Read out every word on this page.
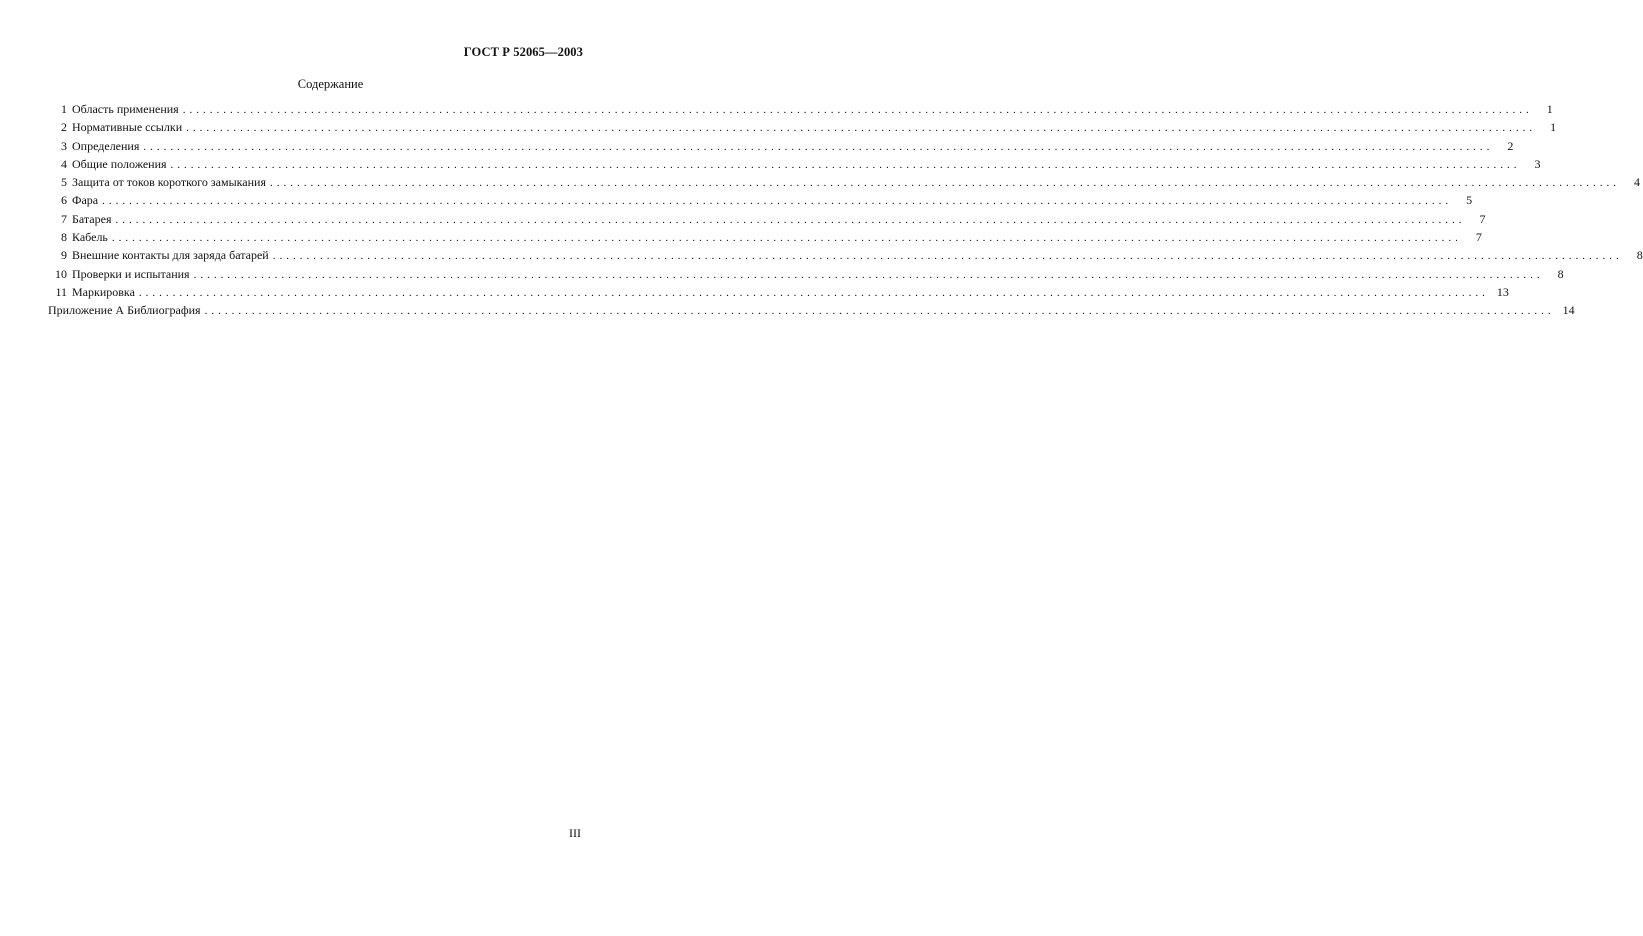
ГОСТ Р 52065—2003
Содержание
1 Область применения ........................................................................................................................................................................................................	1
2 Нормативные ссылки ........................................................................................................................................................................................................	1
3 Определения ........................................................................................................................................................................................................	2
4 Общие положения ........................................................................................................................................................................................................	3
5 Защита от токов короткого замыкания ........................................................................................................................................................................................................	4
6 Фара ........................................................................................................................................................................................................	5
7 Батарея ........................................................................................................................................................................................................	7
8 Кабель ........................................................................................................................................................................................................	7
9 Внешние контакты для заряда батарей ........................................................................................................................................................................................................	8
10 Проверки и испытания ........................................................................................................................................................................................................	8
11 Маркировка ........................................................................................................................................................................................................ 13
Приложение А Библиография ........................................................................................................................................................................................................ 14
III
